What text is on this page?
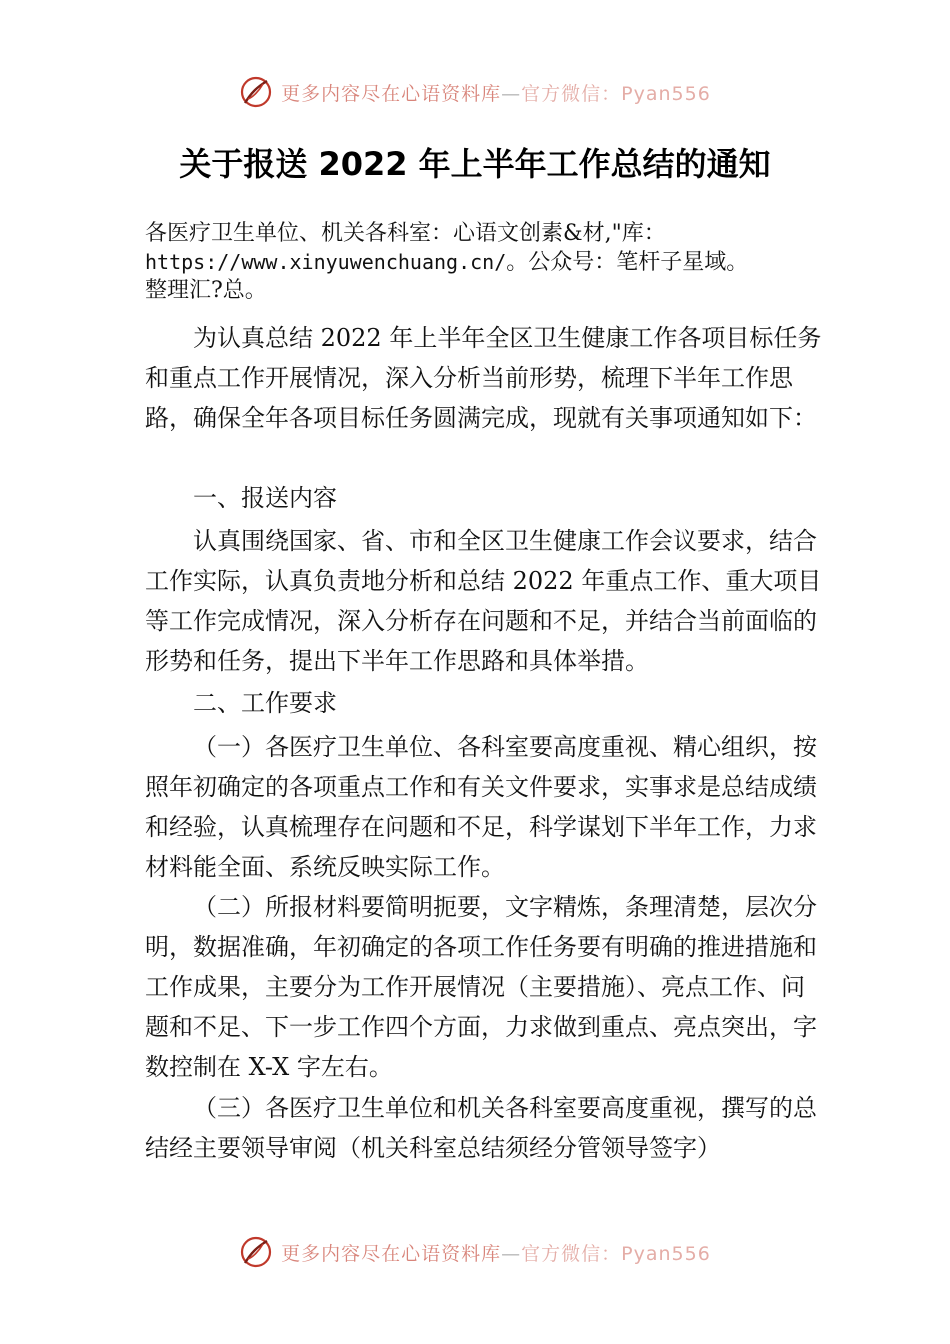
更多内容尽在心语资料库—官方微信：Pyan556
关于报送 2022 年上半年工作总结的通知

各医疗卫生单位、机关各科室：心语文创素&材,"库：
https://www.xinyuwenchuang.cn/。公众号：笔杆子星域。
整理汇?总。

为认真总结 2022 年上半年全区卫生健康工作各项目标任务和重点工作开展情况，深入分析当前形势，梳理下半年工作思路，确保全年各项目标任务圆满完成，现就有关事项通知如下：

一、报送内容

认真围绕国家、省、市和全区卫生健康工作会议要求，结合工作实际，认真负责地分析和总结 2022 年重点工作、重大项目等工作完成情况，深入分析存在问题和不足，并结合当前面临的形势和任务，提出下半年工作思路和具体举措。

二、工作要求

（一）各医疗卫生单位、各科室要高度重视、精心组织，按照年初确定的各项重点工作和有关文件要求，实事求是总结成绩和经验，认真梳理存在问题和不足，科学谋划下半年工作，力求材料能全面、系统反映实际工作。

（二）所报材料要简明扼要，文字精炼，条理清楚，层次分明，数据准确，年初确定的各项工作任务要有明确的推进措施和工作成果，主要分为工作开展情况（主要措施）、亮点工作、问题和不足、下一步工作四个方面，力求做到重点、亮点突出，字数控制在 X-X 字左右。

（三）各医疗卫生单位和机关各科室要高度重视，撰写的总结经主要领导审阅（机关科室总结须经分管领导签字）

更多内容尽在心语资料库—官方微信：Pyan556
